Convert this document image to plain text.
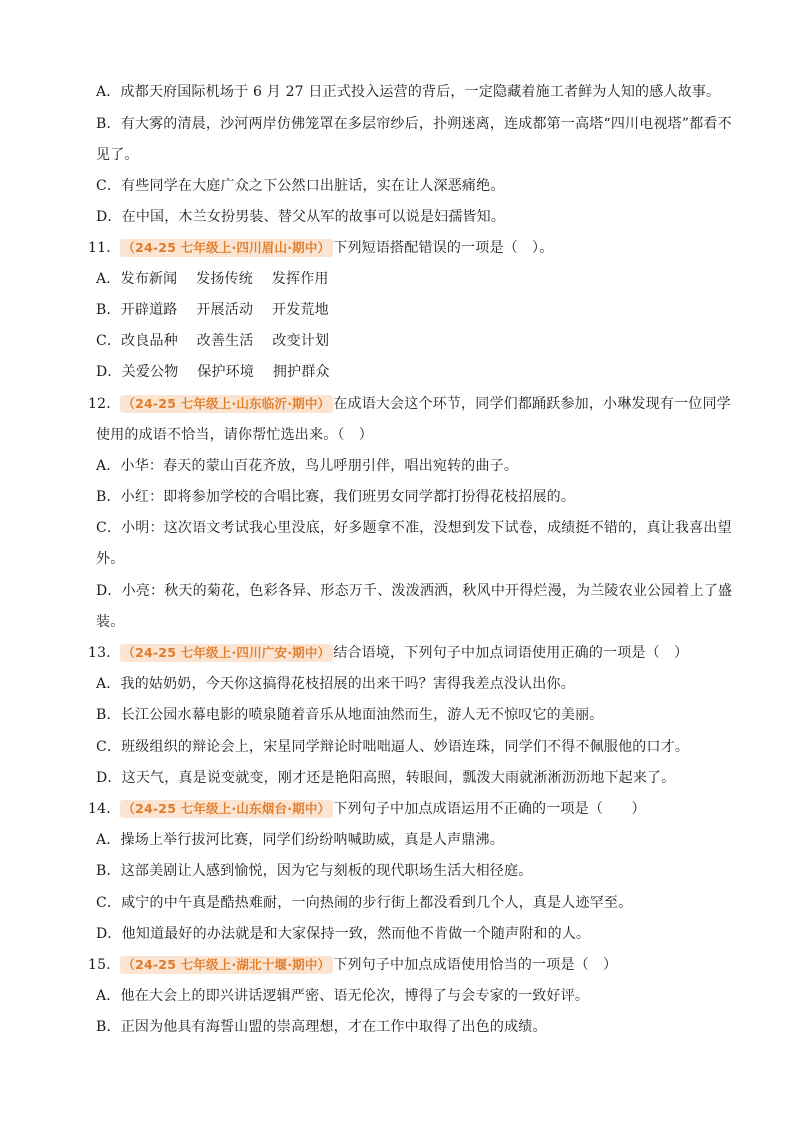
A．成都天府国际机场于 6 月 27 日正式投入运营的背后，一定隐藏着施工者鲜为人知的感人故事。
B．有大雾的清晨，沙河两岸仿佛笼罩在多层帘纱后，扑朔迷离，连成都第一高塔“四川电视塔”都看不
见了。
C．有些同学在大庭广众之下公然口出脏话，实在让人深恶痛绝。
D．在中国，木兰女扮男装、替父从军的故事可以说是妇孺皆知。
11． （24-25 七年级上·四川眉山·期中） 下列短语搭配错误的一项是（　）。
A．发布新闻　 发扬传统　 发挥作用
B．开辟道路　 开展活动　 开发荒地
C．改良品种　 改善生活　 改变计划
D．关爱公物　 保护环境　 拥护群众
12． （24-25 七年级上·山东临沂·期中） 在成语大会这个环节，同学们都踊跃参加，小琳发现有一位同学
使用的成语不恰当，请你帮忙选出来。（　）
A．小华：春天的蒙山百花齐放，鸟儿呼朋引伴，唱出宛转的曲子。
B．小红：即将参加学校的合唱比赛，我们班男女同学都打扮得花枝招展的。
C．小明：这次语文考试我心里没底，好多题拿不准，没想到发下试卷，成绩挺不错的，真让我喜出望
外。
D．小亮：秋天的菊花，色彩各异、形态万千、泼泼洒洒，秋风中开得烂漫，为兰陵农业公园着上了盛
装。
13． （24-25 七年级上·四川广安·期中） 结合语境，下列句子中加点词语使用正确的一项是（　）
A．我的姑奶奶，今天你这搞得花枝招展的出来干吗？害得我差点没认出你。
B．长江公园水幕电影的喷泉随着音乐从地面油然而生，游人无不惊叹它的美丽。
C．班级组织的辩论会上，宋星同学辩论时咄咄逼人、妙语连珠，同学们不得不佩服他的口才。
D．这天气，真是说变就变，刚才还是艳阳高照，转眼间，瓢泼大雨就淅淅沥沥地下起来了。
14． （24-25 七年级上·山东烟台·期中） 下列句子中加点成语运用不正确的一项是（　　）
A．操场上举行拔河比赛，同学们纷纷呐喊助威，真是人声鼎沸。
B．这部美剧让人感到愉悦，因为它与刻板的现代职场生活大相径庭。
C．咸宁的中午真是酷热难耐，一向热闹的步行街上都没看到几个人，真是人迹罕至。
D．他知道最好的办法就是和大家保持一致，然而他不肯做一个随声附和的人。
15． （24-25 七年级上·湖北十堰·期中） 下列句子中加点成语使用恰当的一项是（　）
A．他在大会上的即兴讲话逻辑严密、语无伦次，博得了与会专家的一致好评。
B．正因为他具有海誓山盟的崇高理想，才在工作中取得了出色的成绩。
